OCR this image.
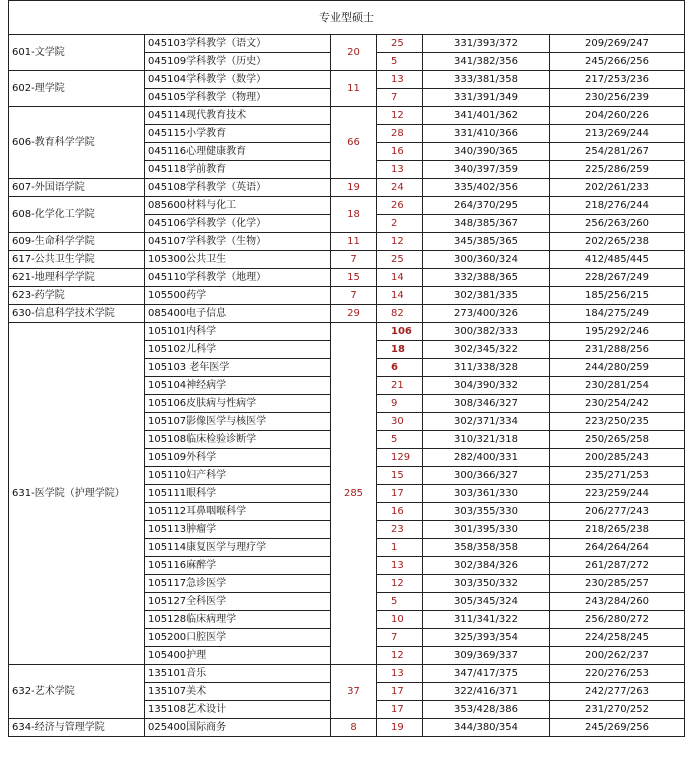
专业型硕士					
601-文学院	045103学科教学（语文）	20	25	331/393/372	209/269/247
	045109学科教学（历史）		5	341/382/356	245/266/256
602-理学院	045104学科教学（数学）	11	13	333/381/358	217/253/236
	045105学科教学（物理）		7	331/391/349	230/256/239
606-教育科学学院	045114现代教育技术	66	12	341/401/362	204/260/226
	045115小学教育		28	331/410/366	213/269/244
	045116心理健康教育		16	340/390/365	254/281/267
	045118学前教育		13	340/397/359	225/286/259
607-外国语学院	045108学科教学（英语）	19	24	335/402/356	202/261/233
608-化学化工学院	085600材料与化工	18	26	264/370/295	218/276/244
	045106学科教学（化学）		2	348/385/367	256/263/260
609-生命科学学院	045107学科教学（生物）	11	12	345/385/365	202/265/238
617-公共卫生学院	105300公共卫生	7	25	300/360/324	412/485/445
621-地理科学学院	045110学科教学（地理）	15	14	332/388/365	228/267/249
623-药学院	105500药学	7	14	302/381/335	185/256/215
630-信息科学技术学院	085400电子信息	29	82	273/400/326	184/275/249
631-医学院（护理学院）	105101内科学	285	106	300/382/333	195/292/246
	105102儿科学		18	302/345/322	231/288/256
	105103 老年医学		6	311/338/328	244/280/259
	105104神经病学		21	304/390/332	230/281/254
	105106皮肤病与性病学		9	308/346/327	230/254/242
	105107影像医学与核医学		30	302/371/334	223/250/235
	105108临床检验诊断学		5	310/321/318	250/265/258
	105109外科学		129	282/400/331	200/285/243
	105110妇产科学		15	300/366/327	235/271/253
	105111眼科学		17	303/361/330	223/259/244
	105112耳鼻咽喉科学		16	303/355/330	206/277/243
	105113肿瘤学		23	301/395/330	218/265/238
	105114康复医学与理疗学		1	358/358/358	264/264/264
	105116麻醉学		13	302/384/326	261/287/272
	105117急诊医学		12	303/350/332	230/285/257
	105127全科医学		5	305/345/324	243/284/260
	105128临床病理学		10	311/341/322	256/280/272
	105200口腔医学		7	325/393/354	224/258/245
	105400护理		12	309/369/337	200/262/237
632-艺术学院	135101音乐	37	13	347/417/375	220/276/253
	135107美术		17	322/416/371	242/277/263
	135108艺术设计		17	353/428/386	231/270/252
634-经济与管理学院	025400国际商务	8	19	344/380/354	245/269/256
